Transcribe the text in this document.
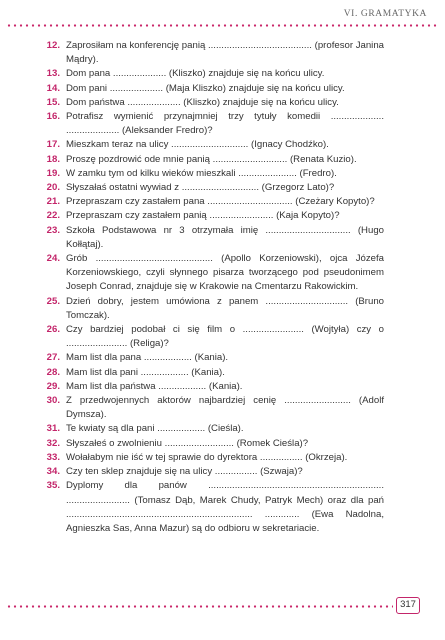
VI. GRAMATYKA
12. Zaprosiłam na konferencję panią ....................................... (profesor Janina Mądry).
13. Dom pana .................... (Kliszko) znajduje się na końcu ulicy.
14. Dom pani .................... (Maja Kliszko) znajduje się na końcu ulicy.
15. Dom państwa .................... (Kliszko) znajduje się na końcu ulicy.
16. Potrafisz wymienić przynajmniej trzy tytuły komedii .................... .................... (Aleksander Fredro)?
17. Mieszkam teraz na ulicy ............................. (Ignacy Chodźko).
18. Proszę pozdrowić ode mnie panią ............................ (Renata Kuzio).
19. W zamku tym od kilku wieków mieszkali ...................... (Fredro).
20. Słyszałaś ostatni wywiad z ............................. (Grzegorz Lato)?
21. Przepraszam czy zastałem pana ................................ (Czeżary Kopyto)?
22. Przepraszam czy zastałem panią ........................ (Kaja Kopyto)?
23. Szkoła Podstawowa nr 3 otrzymała imię ................................ (Hugo Kołłątaj).
24. Grób ............................................ (Apollo Korzeniowski), ojca Józefa Korzeniowskiego, czyli słynnego pisarza tworzącego pod pseudonimem Joseph Conrad, znajduje się w Krakowie na Cmentarzu Rakowickim.
25. Dzień dobry, jestem umówiona z panem ............................... (Bruno Tomczak).
26. Czy bardziej podobał ci się film o ....................... (Wojtyła) czy o ....................... (Religa)?
27. Mam list dla pana .................. (Kania).
28. Mam list dla pani .................. (Kania).
29. Mam list dla państwa .................. (Kania).
30. Z przedwojennych aktorów najbardziej cenię ......................... (Adolf Dymsza).
31. Te kwiaty są dla pani .................. (Cieśla).
32. Słyszałeś o zwolnieniu .......................... (Romek Cieśla)?
33. Wołałabym nie iść w tej sprawie do dyrektora ................ (Okrzeja).
34. Czy ten sklep znajduje się na ulicy ................ (Szwaja)?
35. Dyplomy dla panów .................................................................. ........................ (Tomasz Dąb, Marek Chudy, Patryk Mech) oraz dla pań ...................................................................... ............. (Ewa Nadolna, Agnieszka Sas, Anna Mazur) są do odbioru w sekretariacie.
317
